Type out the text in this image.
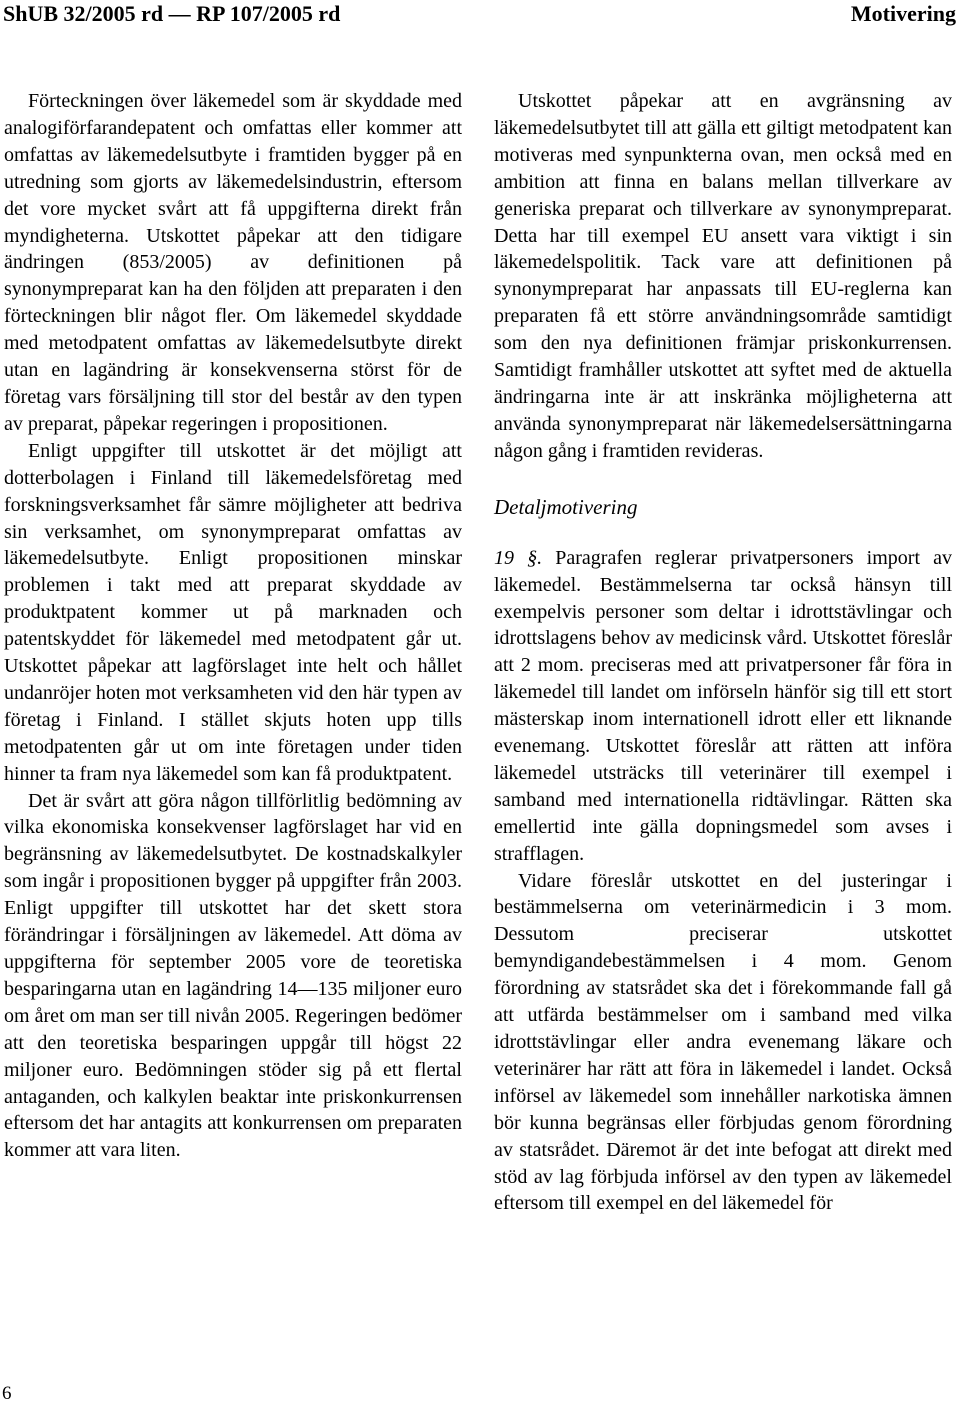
ShUB 32/2005 rd — RP 107/2005 rd	Motivering

Förteckningen över läkemedel som är skyddade med analogiförfarandepatent och omfattas eller kommer att omfattas av läkemedelsutbyte i framtiden bygger på en utredning som gjorts av läkemedelsindustrin, eftersom det vore mycket svårt att få uppgifterna direkt från myndigheterna. Utskottet påpekar att den tidigare ändringen (853/2005) av definitionen på synonympreparat kan ha den följden att preparaten i den förteckningen blir något fler. Om läkemedel skyddade med metodpatent omfattas av läkemedelsutbyte direkt utan en lagändring är konsekvenserna störst för de företag vars försäljning till stor del består av den typen av preparat, påpekar regeringen i propositionen.

Enligt uppgifter till utskottet är det möjligt att dotterbolagen i Finland till läkemedelsföretag med forskningsverksamhet får sämre möjligheter att bedriva sin verksamhet, om synonympreparat omfattas av läkemedelsutbyte. Enligt propositionen minskar problemen i takt med att preparat skyddade av produktpatent kommer ut på marknaden och patentskyddet för läkemedel med metodpatent går ut. Utskottet påpekar att lagförslaget inte helt och hållet undanröjer hoten mot verksamheten vid den här typen av företag i Finland. I stället skjuts hoten upp tills metodpatenten går ut om inte företagen under tiden hinner ta fram nya läkemedel som kan få produktpatent.

Det är svårt att göra någon tillförlitlig bedömning av vilka ekonomiska konsekvenser lagförslaget har vid en begränsning av läkemedelsutbytet. De kostnadskalkyler som ingår i propositionen bygger på uppgifter från 2003. Enligt uppgifter till utskottet har det skett stora förändringar i försäljningen av läkemedel. Att döma av uppgifterna för september 2005 vore de teoretiska besparingarna utan en lagändring 14—135 miljoner euro om året om man ser till nivån 2005. Regeringen bedömer att den teoretiska besparingen uppgår till högst 22 miljoner euro. Bedömningen stöder sig på ett flertal antaganden, och kalkylen beaktar inte priskonkurrensen eftersom det har antagits att konkurrensen om preparaten kommer att vara liten.

Utskottet påpekar att en avgränsning av läkemedelsutbytet till att gälla ett giltigt metodpatent kan motiveras med synpunkterna ovan, men också med en ambition att finna en balans mellan tillverkare av generiska preparat och tillverkare av synonympreparat. Detta har till exempel EU ansett vara viktigt i sin läkemedelspolitik. Tack vare att definitionen på synonympreparat har anpassats till EU-reglerna kan preparaten få ett större användningsområde samtidigt som den nya definitionen främjar priskonkurrensen. Samtidigt framhåller utskottet att syftet med de aktuella ändringarna inte är att inskränka möjligheterna att använda synonympreparat när läkemedelsersättningarna någon gång i framtiden revideras.

Detaljmotivering

19 §. Paragrafen reglerar privatpersoners import av läkemedel. Bestämmelserna tar också hänsyn till exempelvis personer som deltar i idrottstävlingar och idrottslagens behov av medicinsk vård. Utskottet föreslår att 2 mom. preciseras med att privatpersoner får föra in läkemedel till landet om införseln hänför sig till ett stort mästerskap inom internationell idrott eller ett liknande evenemang. Utskottet föreslår att rätten att införa läkemedel utsträcks till veterinärer till exempel i samband med internationella ridtävlingar. Rätten ska emellertid inte gälla dopningsmedel som avses i strafflagen.

Vidare föreslår utskottet en del justeringar i bestämmelserna om veterinärmedicin i 3 mom. Dessutom preciserar utskottet bemyndigandebestämmelsen i 4 mom. Genom förordning av statsrådet ska det i förekommande fall gå att utfärda bestämmelser om i samband med vilka idrottstävlingar eller andra evenemang läkare och veterinärer har rätt att föra in läkemedel i landet. Också införsel av läkemedel som innehåller narkotiska ämnen bör kunna begränsas eller förbjudas genom förordning av statsrådet. Däremot är det inte befogat att direkt med stöd av lag förbjuda införsel av den typen av läkemedel eftersom till exempel en del läkemedel för

6
